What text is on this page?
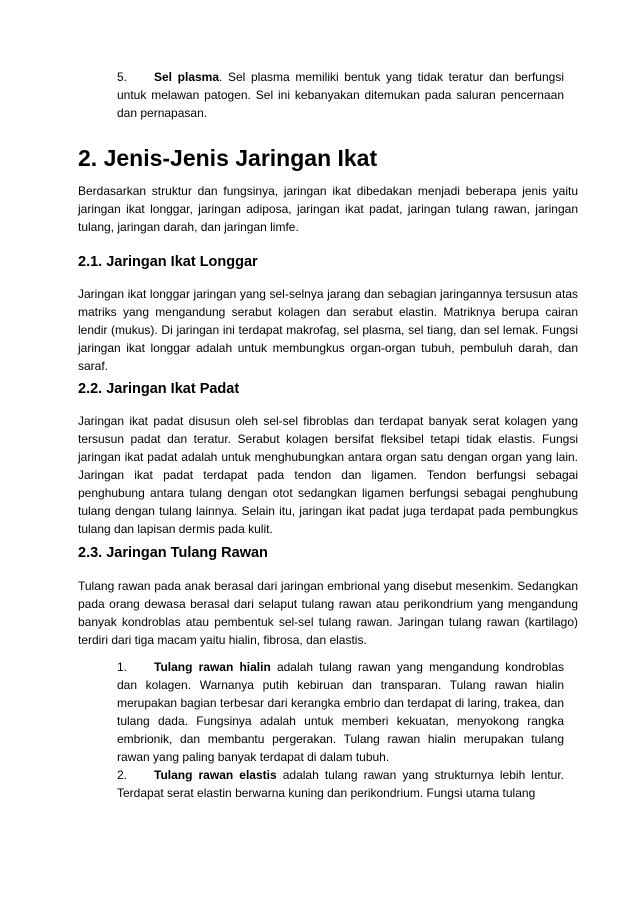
5. Sel plasma. Sel plasma memiliki bentuk yang tidak teratur dan berfungsi untuk melawan patogen. Sel ini kebanyakan ditemukan pada saluran pencernaan dan pernapasan.

2. Jenis-Jenis Jaringan Ikat

Berdasarkan struktur dan fungsinya, jaringan ikat dibedakan menjadi beberapa jenis yaitu jaringan ikat longgar, jaringan adiposa, jaringan ikat padat, jaringan tulang rawan, jaringan tulang, jaringan darah, dan jaringan limfe.

2.1. Jaringan Ikat Longgar

Jaringan ikat longgar jaringan yang sel-selnya jarang dan sebagian jaringannya tersusun atas matriks yang mengandung serabut kolagen dan serabut elastin. Matriknya berupa cairan lendir (mukus). Di jaringan ini terdapat makrofag, sel plasma, sel tiang, dan sel lemak. Fungsi jaringan ikat longgar adalah untuk membungkus organ-organ tubuh, pembuluh darah, dan saraf.

2.2. Jaringan Ikat Padat

Jaringan ikat padat disusun oleh sel-sel fibroblas dan terdapat banyak serat kolagen yang tersusun padat dan teratur. Serabut kolagen bersifat fleksibel tetapi tidak elastis. Fungsi jaringan ikat padat adalah untuk menghubungkan antara organ satu dengan organ yang lain. Jaringan ikat padat terdapat pada tendon dan ligamen. Tendon berfungsi sebagai penghubung antara tulang dengan otot sedangkan ligamen berfungsi sebagai penghubung tulang dengan tulang lainnya. Selain itu, jaringan ikat padat juga terdapat pada pembungkus tulang dan lapisan dermis pada kulit.

2.3. Jaringan Tulang Rawan

Tulang rawan pada anak berasal dari jaringan embrional yang disebut mesenkim. Sedangkan pada orang dewasa berasal dari selaput tulang rawan atau perikondrium yang mengandung banyak kondroblas atau pembentuk sel-sel tulang rawan. Jaringan tulang rawan (kartilago) terdiri dari tiga macam yaitu hialin, fibrosa, dan elastis.

1. Tulang rawan hialin adalah tulang rawan yang mengandung kondroblas dan kolagen. Warnanya putih kebiruan dan transparan. Tulang rawan hialin merupakan bagian terbesar dari kerangka embrio dan terdapat di laring, trakea, dan tulang dada. Fungsinya adalah untuk memberi kekuatan, menyokong rangka embrionik, dan membantu pergerakan. Tulang rawan hialin merupakan tulang rawan yang paling banyak terdapat di dalam tubuh.

2. Tulang rawan elastis adalah tulang rawan yang strukturnya lebih lentur. Terdapat serat elastin berwarna kuning dan perikondrium. Fungsi utama tulang
